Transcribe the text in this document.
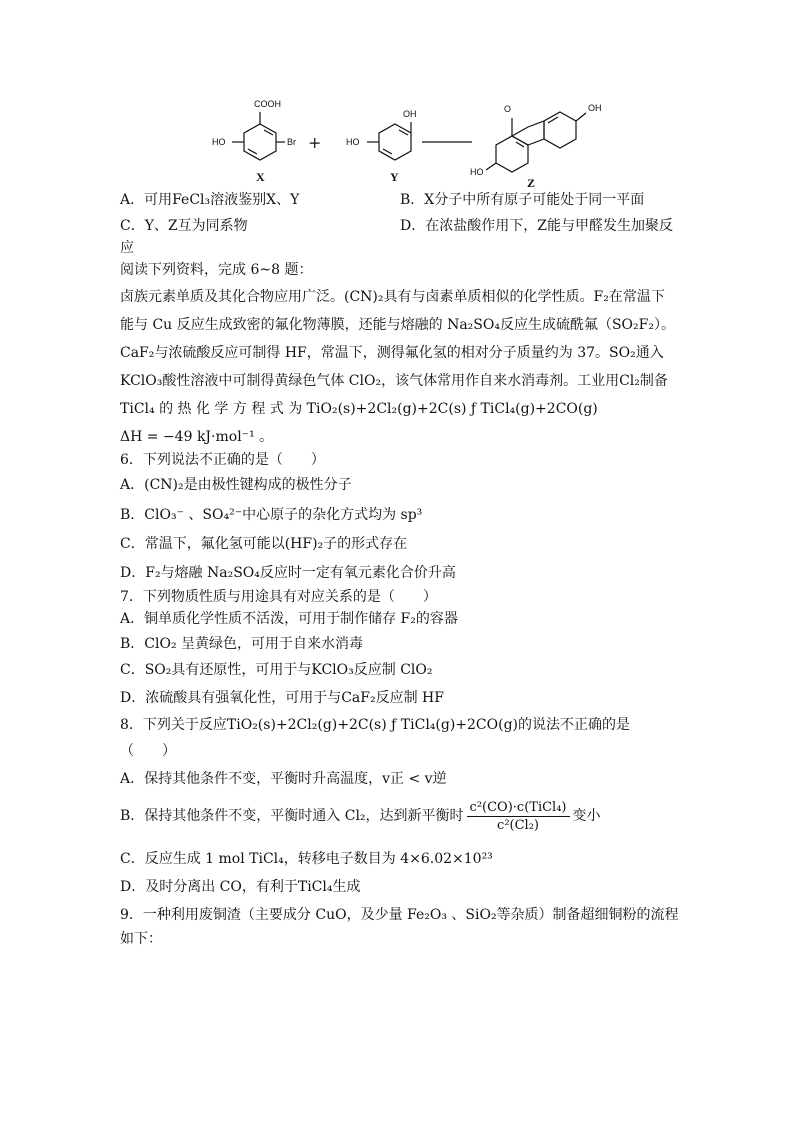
COOH
HO	Br +
OH
HO
O	OH
HO
X	Y	Z
A．可用FeCl₃溶液鉴别X、Y	B．X分子中所有原子可能处于同一平面
C．Y、Z互为同系物	D．在浓盐酸作用下，Z能与甲醛发生加聚反
应
阅读下列资料，完成 6~8 题：
卤族元素单质及其化合物应用广泛。(CN)₂具有与卤素单质相似的化学性质。F₂在常温下
能与 Cu 反应生成致密的氟化物薄膜，还能与熔融的 Na₂SO₄反应生成硫酰氟（SO₂F₂）。
CaF₂与浓硫酸反应可制得 HF，常温下，测得氟化氢的相对分子质量约为 37。SO₂通入
KClO₃酸性溶液中可制得黄绿色气体 ClO₂，该气体常用作自来水消毒剂。工业用Cl₂制备
TiCl₄ 的 热 化 学 方 程 式 为 TiO₂(s)+2Cl₂(g)+2C(s) ƒ TiCl₄(g)+2CO(g)
ΔH = −49 kJ·mol⁻¹ 。
6．下列说法不正确的是（　　）
A．(CN)₂是由极性键构成的极性分子
B．ClO₃⁻ 、SO₄²⁻中心原子的杂化方式均为 sp³
C．常温下，氟化氢可能以(HF)₂子的形式存在
D．F₂与熔融 Na₂SO₄反应时一定有氧元素化合价升高
7．下列物质性质与用途具有对应关系的是（　　）
A．铜单质化学性质不活泼，可用于制作储存 F₂的容器
B．ClO₂ 呈黄绿色，可用于自来水消毒
C．SO₂具有还原性，可用于与KClO₃反应制 ClO₂
D．浓硫酸具有强氧化性，可用于与CaF₂反应制 HF
8．下列关于反应TiO₂(s)+2Cl₂(g)+2C(s) ƒ TiCl₄(g)+2CO(g)的说法不正确的是
（　　）
A．保持其他条件不变，平衡时升高温度，v正 < v逆
B．保持其他条件不变，平衡时通入 Cl₂，达到新平衡时 $\frac{\text{c²(CO)·c(TiCl₄)}}{\text{c²(Cl₂)}}$ 变小
C．反应生成 1 mol TiCl₄，转移电子数目为 4×6.02×10²³
D．及时分离出 CO，有利于TiCl₄生成
9．一种利用废铜渣（主要成分 CuO，及少量 Fe₂O₃ 、SiO₂等杂质）制备超细铜粉的流程
如下：
